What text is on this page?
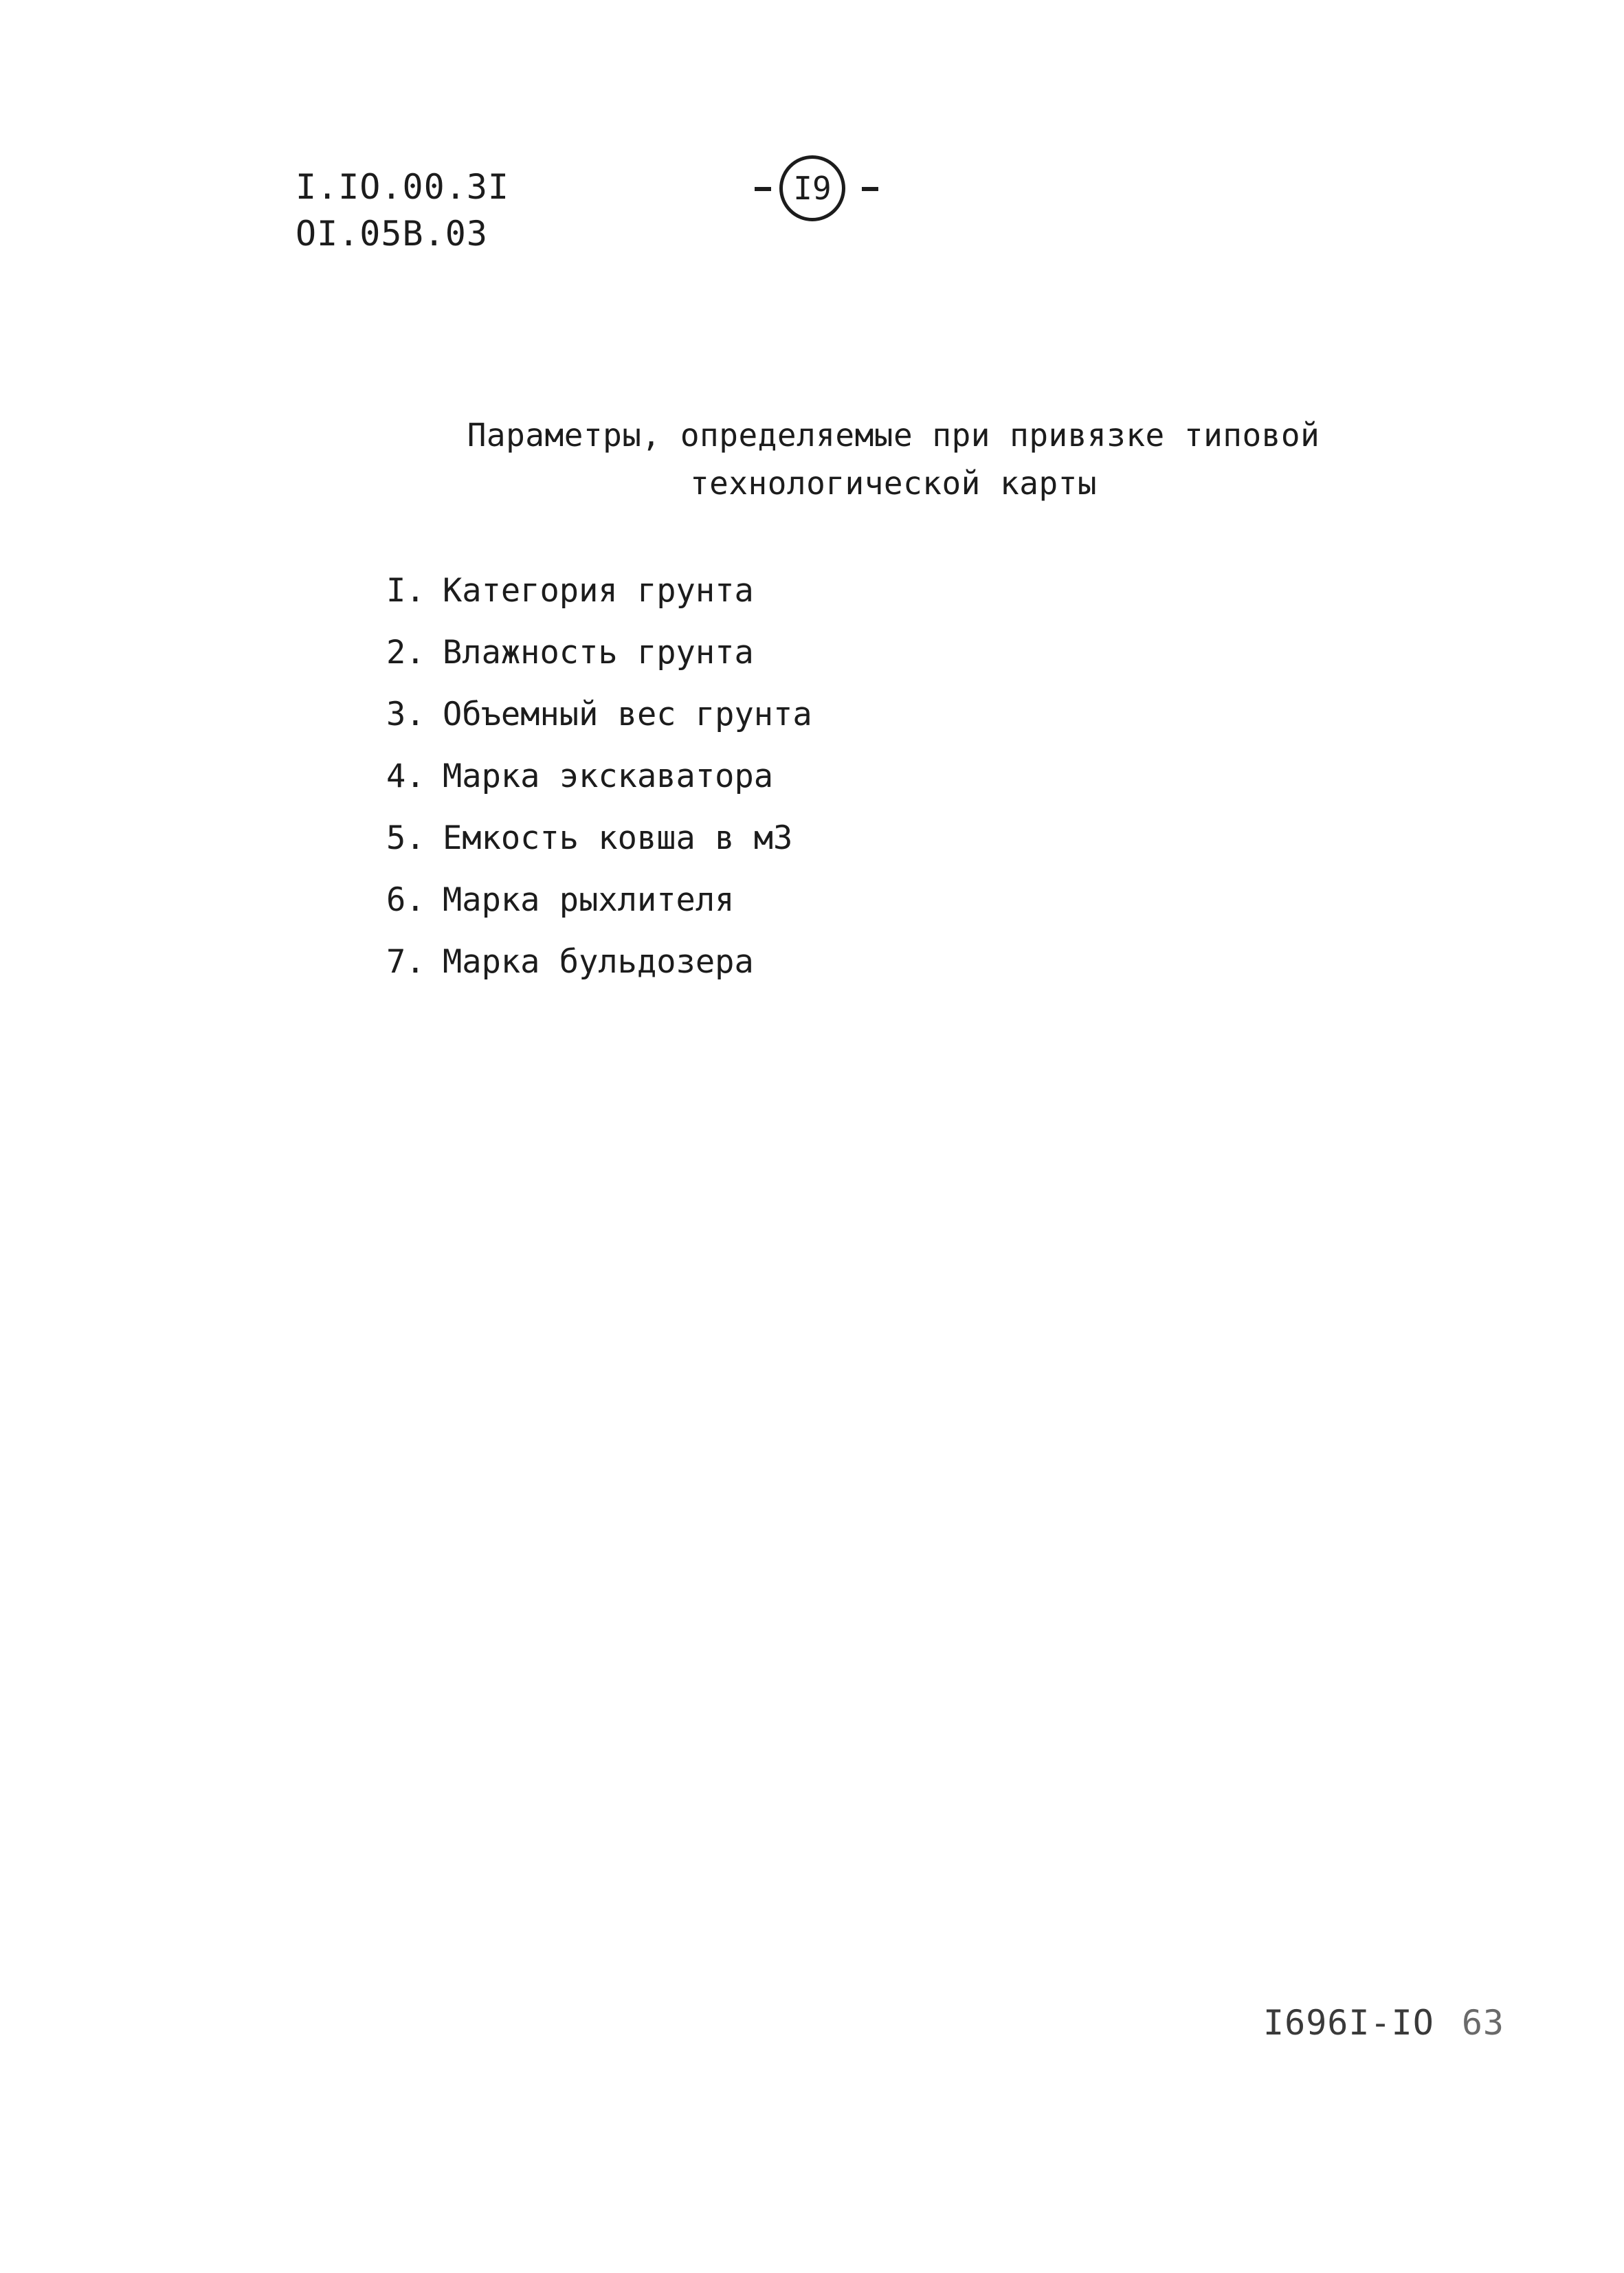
I.IO.00.3I
OI.05B.03
I9
Параметры, определяемые при привязке типовой
технологической карты
I. Категория грунта
2. Влажность грунта
3. Объемный вес грунта
4. Марка экскаватора
5. Емкость ковша в м3
6. Марка рыхлителя
7. Марка бульдозера
I696I-IO 63
